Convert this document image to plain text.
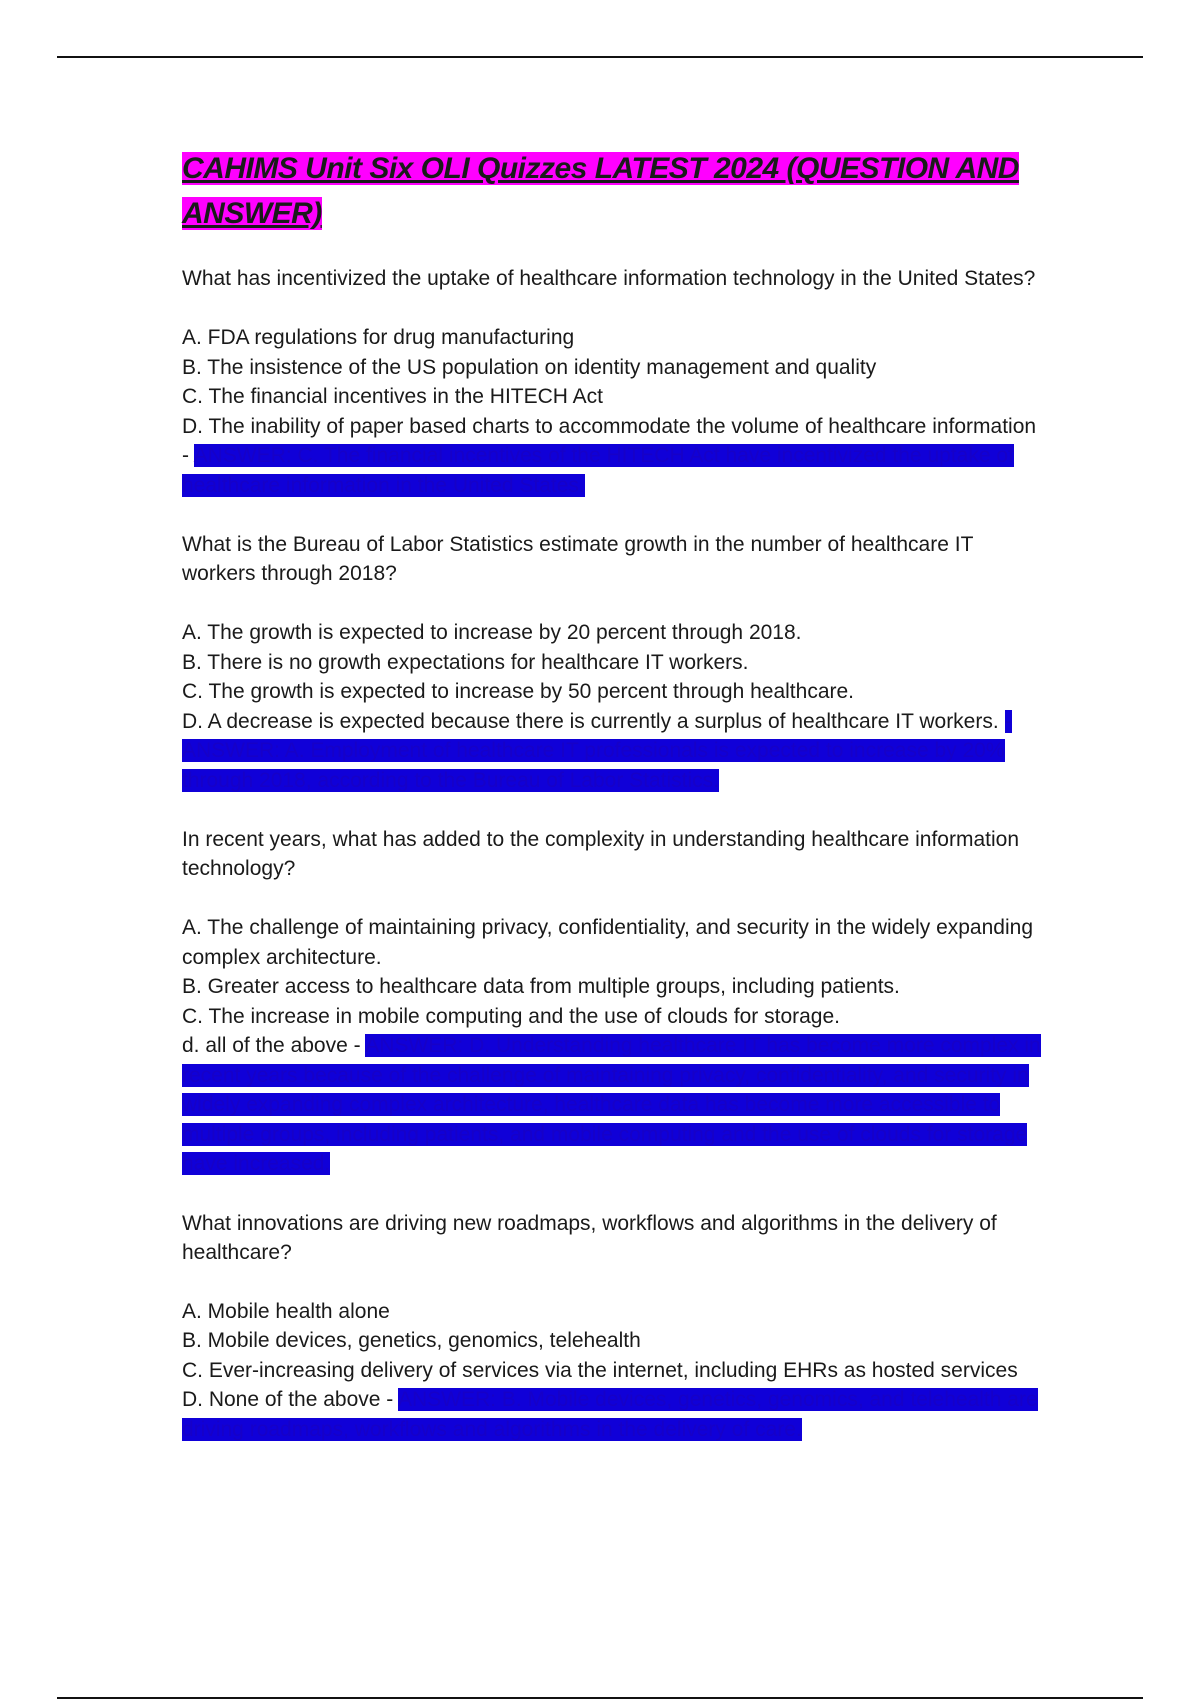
CAHIMS Unit Six OLI Quizzes LATEST 2024 (QUESTION AND ANSWER)
What has incentivized the uptake of healthcare information technology in the United States?
A. FDA regulations for drug manufacturing
B. The insistence of the US population on identity management and quality
C. The financial incentives in the HITECH Act
D. The inability of paper based charts to accommodate the volume of healthcare information - ANSWER: C. The financial incentives of the HITECH Act have incentivized the uptake of healthcare information in the United States.
What is the Bureau of Labor Statistics estimate growth in the number of healthcare IT workers through 2018?
A. The growth is expected to increase by 20 percent through 2018.
B. There is no growth expectations for healthcare IT workers.
C. The growth is expected to increase by 50 percent through healthcare.
D. A decrease is expected because there is currently a surplus of healthcare IT workers. - ANSWER: A. Employment of healthcare IT professionals is expected to increase by 20% through 2018, according to the Bureau of Labor Statistics.
In recent years, what has added to the complexity in understanding healthcare information technology?
A. The challenge of maintaining privacy, confidentiality, and security in the widely expanding complex architecture.
B. Greater access to healthcare data from multiple groups, including patients.
C. The increase in mobile computing and the use of clouds for storage.
d. all of the above - ANSWER: D. Understanding healthcare IT has become more complex in recent years because of the challenge of maintaining privacy, confidentiality, and security in widely expanding complex architecture, healthcare data has become more accessible to multiple groups, including patients, and mobile computing and the use of clouds for storage have increased.
What innovations are driving new roadmaps, workflows and algorithms in the delivery of healthcare?
A. Mobile health alone
B. Mobile devices, genetics, genomics, telehealth
C. Ever-increasing delivery of services via the internet, including EHRs as hosted services
D. None of the above - ANSWER: B. Mobile devices, genetics, genomics, and telehealth are driving roadmaps, workflows and algorithms in the delivery of care.
